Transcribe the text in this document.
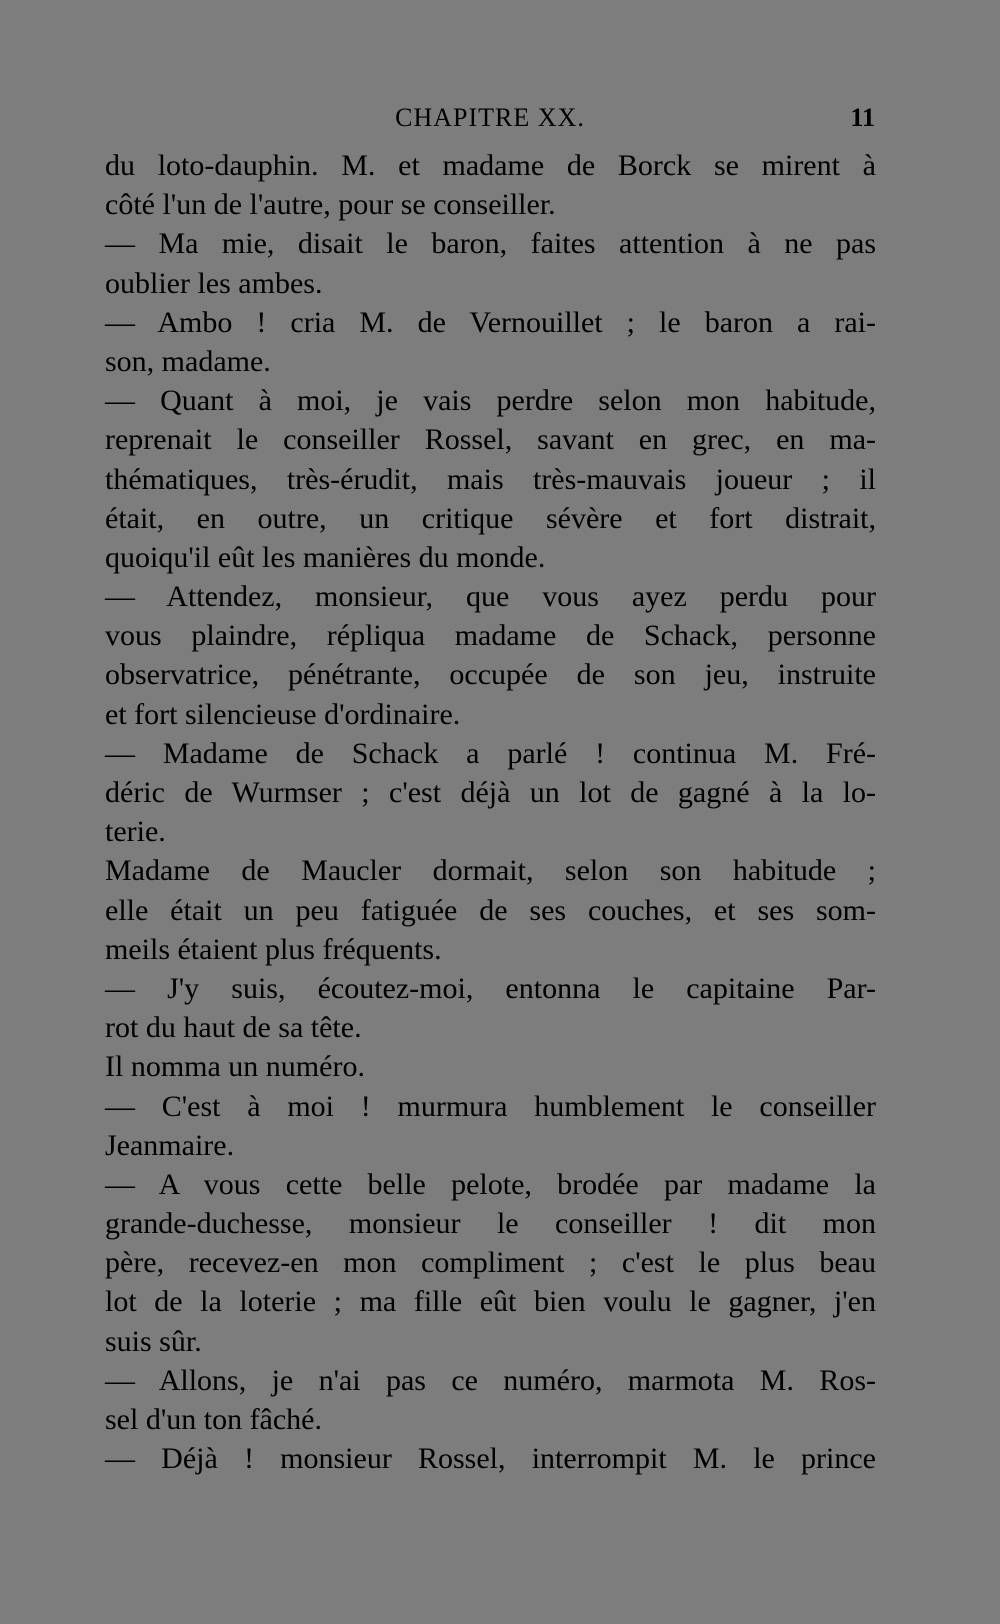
CHAPITRE XX.	11
du loto-dauphin. M. et madame de Borck se mirent à
côté l'un de l'autre, pour se conseiller.
— Ma mie, disait le baron, faites attention à ne pas
oublier les ambes.
— Ambo ! cria M. de Vernouillet ; le baron a rai-
son, madame.
— Quant à moi, je vais perdre selon mon habitude,
reprenait le conseiller Rossel, savant en grec, en ma-
thématiques, très-érudit, mais très-mauvais joueur ; il
était, en outre, un critique sévère et fort distrait,
quoiqu'il eût les manières du monde.
— Attendez, monsieur, que vous ayez perdu pour
vous plaindre, répliqua madame de Schack, personne
observatrice, pénétrante, occupée de son jeu, instruite
et fort silencieuse d'ordinaire.
— Madame de Schack a parlé ! continua M. Fré-
déric de Wurmser ; c'est déjà un lot de gagné à la lo-
terie.
Madame de Maucler dormait, selon son habitude ;
elle était un peu fatiguée de ses couches, et ses som-
meils étaient plus fréquents.
— J'y suis, écoutez-moi, entonna le capitaine Par-
rot du haut de sa tête.
Il nomma un numéro.
— C'est à moi ! murmura humblement le conseiller
Jeanmaire.
— A vous cette belle pelote, brodée par madame la
grande-duchesse, monsieur le conseiller ! dit mon
père, recevez-en mon compliment ; c'est le plus beau
lot de la loterie ; ma fille eût bien voulu le gagner, j'en
suis sûr.
— Allons, je n'ai pas ce numéro, marmota M. Ros-
sel d'un ton fâché.
— Déjà ! monsieur Rossel, interrompit M. le prince
